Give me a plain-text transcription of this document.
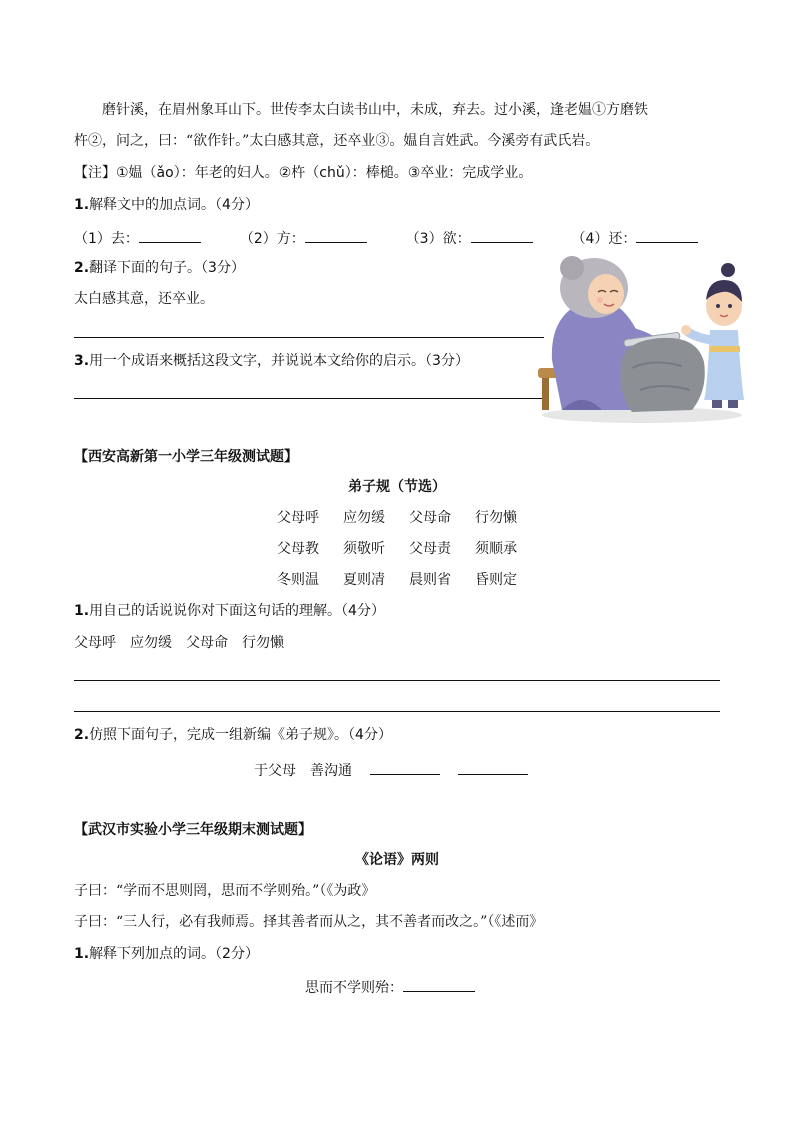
磨针溪，在眉州象耳山下。世传李太白读书山中，未成，弃去。过小溪，逢老媪①方磨铁
杵②，问之，曰：“欲作针。”太白感其意，还卒业③。媪自言姓武。今溪旁有武氏岩。
【注】①媪（ǎo）：年老的妇人。②杵（chǔ）：棒槌。③卒业：完成学业。
1.解释文中的加点词。（4分）
（1）去：	（2）方：	（3）欲：	（4）还：
2.翻译下面的句子。（3分）
太白感其意，还卒业。
3.用一个成语来概括这段文字，并说说本文给你的启示。（3分）
【西安高新第一小学三年级测试题】
弟子规（节选）
父母呼 应勿缓 父母命 行勿懒
父母教 须敬听 父母责 须顺承
冬则温 夏则凊 晨则省 昏则定
1.用自己的话说说你对下面这句话的理解。（4分）
父母呼　应勿缓　父母命　行勿懒
2.仿照下面句子，完成一组新编《弟子规》。（4分）
于父母　善沟通
【武汉市实验小学三年级期末测试题】
《论语》两则
子曰：“学而不思则罔，思而不学则殆。”（《为政》
子曰：“三人行，必有我师焉。择其善者而从之，其不善者而改之。”（《述而》
1.解释下列加点的词。（2分）
思而不学则殆：
